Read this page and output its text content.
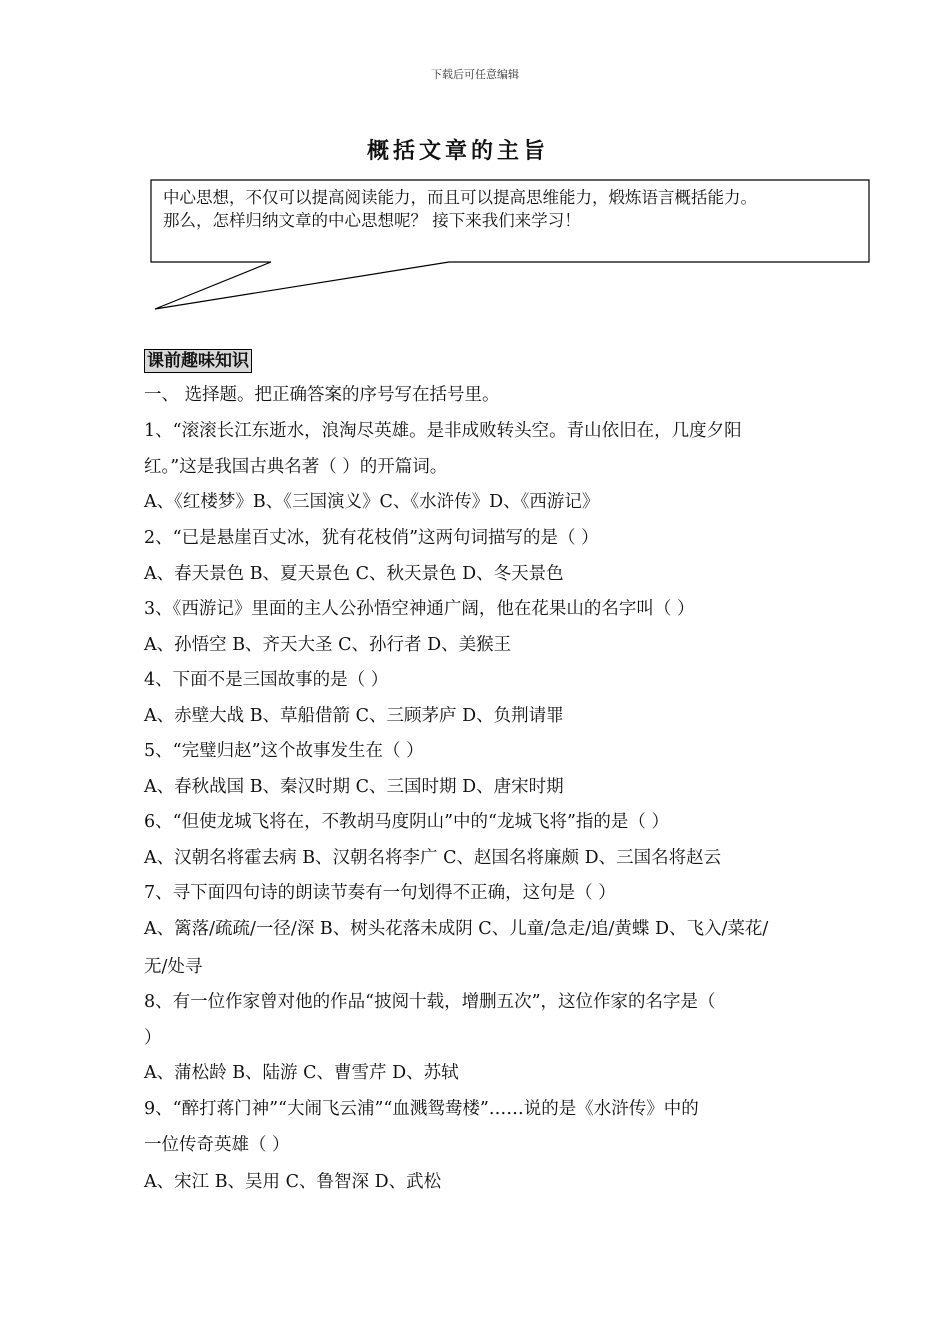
下载后可任意编辑
概括文章的主旨
中心思想，不仅可以提高阅读能力，而且可以提高思维能力，煅炼语言概括能力。
那么，怎样归纳文章的中心思想呢？ 接下来我们来学习！
课前趣味知识
一、 选择题。把正确答案的序号写在括号里。
1、“滚滚长江东逝水，浪淘尽英雄。是非成败转头空。青山依旧在，几度夕阳
红。”这是我国古典名著（ ）的开篇词。
A、《红楼梦》B、《三国演义》C、《水浒传》D、《西游记》
2、“已是悬崖百丈冰，犹有花枝俏”这两句词描写的是（ ）
A、春天景色 B、夏天景色 C、秋天景色 D、冬天景色
3、《西游记》里面的主人公孙悟空神通广阔，他在花果山的名字叫（ ）
A、孙悟空 B、齐天大圣 C、孙行者 D、美猴王
4、下面不是三国故事的是（ ）
A、赤壁大战 B、草船借箭 C、三顾茅庐 D、负荆请罪
5、“完璧归赵”这个故事发生在（ ）
A、春秋战国 B、秦汉时期 C、三国时期 D、唐宋时期
6、“但使龙城飞将在，不教胡马度阴山”中的“龙城飞将”指的是（ ）
A、汉朝名将霍去病 B、汉朝名将李广 C、赵国名将廉颇 D、三国名将赵云
7、寻下面四句诗的朗读节奏有一句划得不正确，这句是（ ）
A、篱落/疏疏/一径/深 B、树头花落未成阴 C、儿童/急走/追/黄蝶 D、飞入/菜花/
无/处寻
8、有一位作家曾对他的作品“披阅十载，增删五次”，这位作家的名字是（
）
A、蒲松龄 B、陆游 C、曹雪芹 D、苏轼
9、“醉打蒋门神”“大闹飞云浦”“血溅鸳鸯楼”……说的是《水浒传》中的
一位传奇英雄（ ）
A、宋江 B、吴用 C、鲁智深 D、武松
